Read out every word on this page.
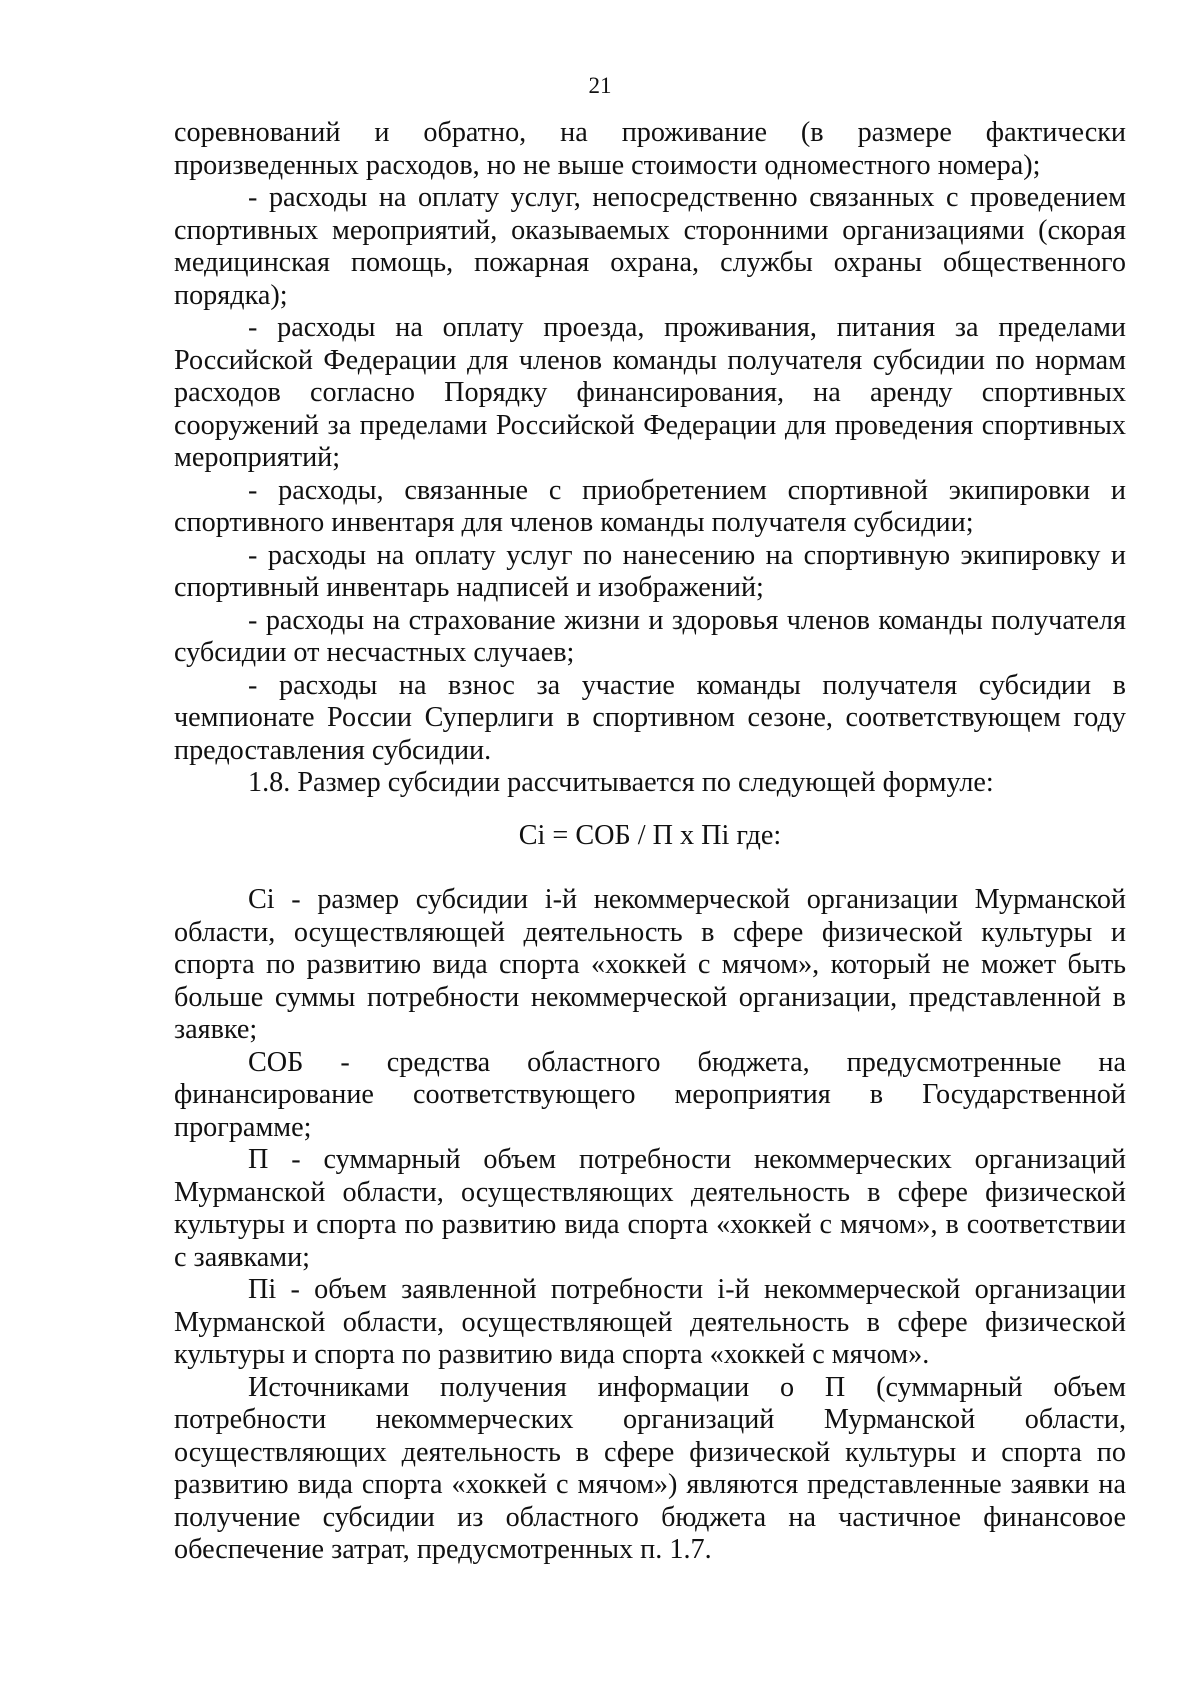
21

соревнований и обратно, на проживание (в размере фактически произведенных расходов, но не выше стоимости одноместного номера);

- расходы на оплату услуг, непосредственно связанных с проведением спортивных мероприятий, оказываемых сторонними организациями (скорая медицинская помощь, пожарная охрана, службы охраны общественного порядка);

- расходы на оплату проезда, проживания, питания за пределами Российской Федерации для членов команды получателя субсидии по нормам расходов согласно Порядку финансирования, на аренду спортивных сооружений за пределами Российской Федерации для проведения спортивных мероприятий;

- расходы, связанные с приобретением спортивной экипировки и спортивного инвентаря для членов команды получателя субсидии;

- расходы на оплату услуг по нанесению на спортивную экипировку и спортивный инвентарь надписей и изображений;

- расходы на страхование жизни и здоровья членов команды получателя субсидии от несчастных случаев;

- расходы на взнос за участие команды получателя субсидии в чемпионате России Суперлиги в спортивном сезоне, соответствующем году предоставления субсидии.

1.8. Размер субсидии рассчитывается по следующей формуле:

Ci = СОБ / П х Пi где:

Ci - размер субсидии i-й некоммерческой организации Мурманской области, осуществляющей деятельность в сфере физической культуры и спорта по развитию вида спорта «хоккей с мячом», который не может быть больше суммы потребности некоммерческой организации, представленной в заявке;

СОБ - средства областного бюджета, предусмотренные на финансирование соответствующего мероприятия в Государственной программе;

П - суммарный объем потребности некоммерческих организаций Мурманской области, осуществляющих деятельность в сфере физической культуры и спорта по развитию вида спорта «хоккей с мячом», в соответствии с заявками;

Пi - объем заявленной потребности i-й некоммерческой организации Мурманской области, осуществляющей деятельность в сфере физической культуры и спорта по развитию вида спорта «хоккей с мячом».

Источниками получения информации о П (суммарный объем потребности некоммерческих организаций Мурманской области, осуществляющих деятельность в сфере физической культуры и спорта по развитию вида спорта «хоккей с мячом») являются представленные заявки на получение субсидии из областного бюджета на частичное финансовое обеспечение затрат, предусмотренных п. 1.7.
